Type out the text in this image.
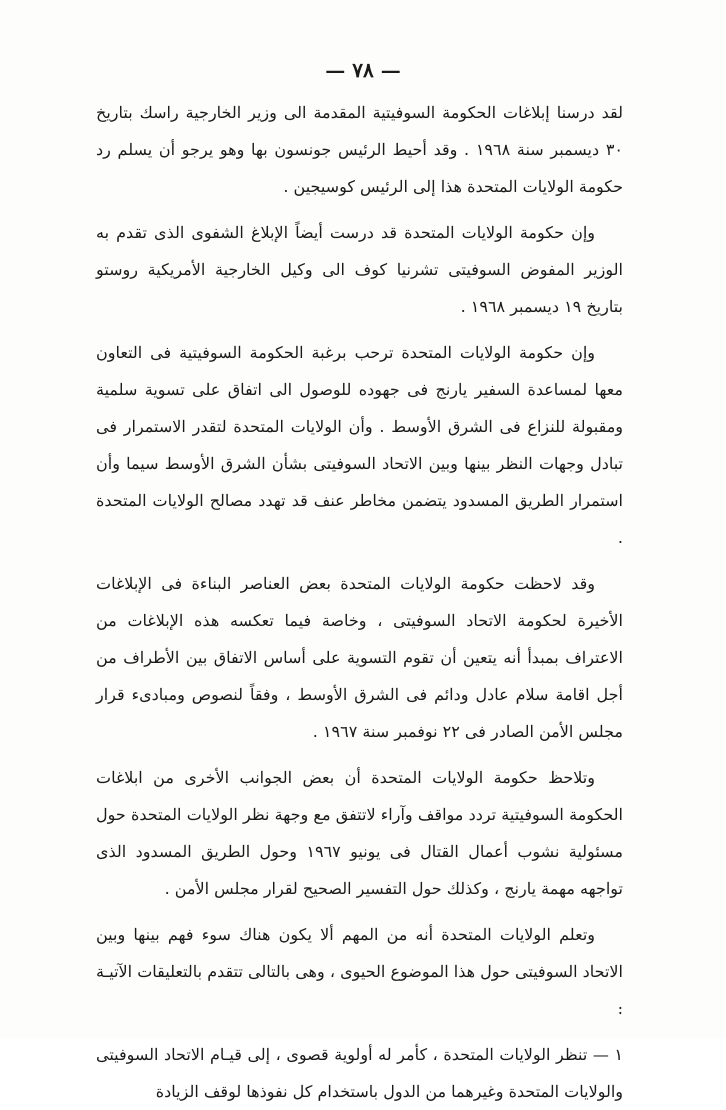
— ٧٨ —

لقد درسنا إبلاغات الحكومة السوفيتية المقدمة الى وزير الخارجية راسك بتاريخ ٣٠ ديسمبر سنة ١٩٦٨ . وقد أحيط الرئيس جونسون بها وهو يرجو أن يسلم رد حكومة الولايات المتحدة هذا إلى الرئيس كوسيجين .

وإن حكومة الولايات المتحدة قد درست أيضاً الإبلاغ الشفوى الذى تقدم به الوزير المفوض السوفيتى تشرنيا كوف الى وكيل الخارجية الأمريكية روستو بتاريخ ١٩ ديسمبر ١٩٦٨ .

وإن حكومة الولايات المتحدة ترحب برغبة الحكومة السوفيتية فى التعاون معها لمساعدة السفير يارنج فى جهوده للوصول الى اتفاق على تسوية سلمية ومقبولة للنزاع فى الشرق الأوسط . وأن الولايات المتحدة لتقدر الاستمرار فى تبادل وجهات النظر بينها وبين الاتحاد السوفيتى بشأن الشرق الأوسط سيما وأن استمرار الطريق المسدود يتضمن مخاطر عنف قد تهدد مصالح الولايات المتحدة .

وقد لاحظت حكومة الولايات المتحدة بعض العناصر البناءة فى الإبلاغات الأخيرة لحكومة الاتحاد السوفيتى ، وخاصة فيما تعكسه هذه الإبلاغات من الاعتراف بمبدأ أنه يتعين أن تقوم التسوية على أساس الاتفاق بين الأطراف من أجل اقامة سلام عادل ودائم فى الشرق الأوسط ، وفقاً لنصوص ومبادىء قرار مجلس الأمن الصادر فى ٢٢ نوفمبر سنة ١٩٦٧ .

وتلاحظ حكومة الولايات المتحدة أن بعض الجوانب الأخرى من ابلاغات الحكومة السوفيتية تردد مواقف وآراء لاتتفق مع وجهة نظر الولايات المتحدة حول مسئولية نشوب أعمال القتال فى يونيو ١٩٦٧ وحول الطريق المسدود الذى تواجهه مهمة يارنج ، وكذلك حول التفسير الصحيح لقرار مجلس الأمن .

وتعلم الولايات المتحدة أنه من المهم ألا يكون هناك سوء فهم بينها وبين الاتحاد السوفيتى حول هذا الموضوع الحيوى ، وهى بالتالى تتقدم بالتعليقات الآتيـة :

١ — تنظر الولايات المتحدة ، كأمر له أولوية قصوى ، إلى قيـام الاتحاد السوفيتى والولايات المتحدة وغيرهما من الدول باستخدام كل نفوذها لوقف الزيادة
